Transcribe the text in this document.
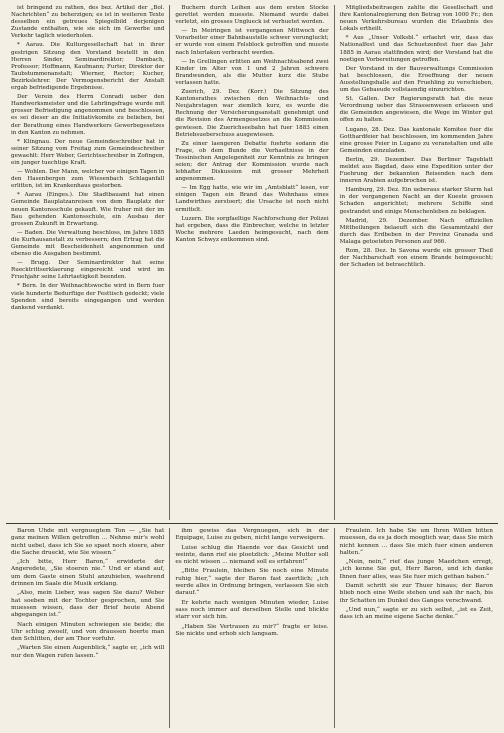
ist bringend zu rathen, des bez. Artikel der „Bol. Nachrichten“ zu beherzigen; es ist in weiteren Texte desselben ein getreues Spiegelbild derjenigen Zustande enthalten, wie sie sich im Gewerbe und Verkehr taglich wiederholen.

* Aarau. Die Kulturgesellschaft hat in ihrer gestrigen Sitzung den Vorstand bestellt in den Herren Sinder, Seminardirektor; Dambach, Professor; Hoffmann, Kaufmann; Furter, Direktor der Taubstummenanstalt; Wierner, Rector; Kucher, Bezirkslehrer. Der Vermogensbericht der Anstalt ergab befriedigende Ergebnisse.

Der Verein des Herrn Conradi ueber den Handwerksmeister und die Lehrlingsfrage wurde mit grosser Befriedigung angenommen und beschlossen, es sei dieser an die Initiativkomite zu belieben, bei der Berathung eines Handwerkers Gewerbegesetzes in den Kanton zu nehmen.

* Klingnau. Der neue Gemeindeschreiber hat in seiner Sitzung vom Freitag zum Gemeindeschreiber gewaehlt: Herr Weber, Gerichtsschreiber in Zofingen, ein junger tuechtige Kraft.

— Wohlen. Der Mann, welcher vor einigen Tagen in den Hasenbergen zum Wiesenbach Schlaganfall erlitten, ist im Krankenhaus gestorben.

* Aarau (Einges.). Die Stadtbauamt hat einen Gemeinde Bauplatzanreisen von dem Bauplatz der neuen Kantonsschule gekauft. Wie fruher mit der im Bau gehenden Kantonsschule, ein Ausbau der grossen Zukunft in Erwartung.

— Baden. Die Verwaltung beschloss, im Jahre 1885 die Kurhausanstalt zu verbessern; den Ertrag hat die Gemeinde mit Bescheidenheit angenommen und ebenso die Ausgaben bestimmt.

— Brugg. Der Seminardirektor hat seine Ruecktrittserklaerung eingereicht und wird im Fruehjahr seine Lehrtaetigkeit beenden.

* Bern. In der Weihnachtswoche wird in Bern fuer viele hunderte Bedurftige der Festtisch gedeckt; viele Spenden sind bereits eingegangen und werden dankend verdankt.

Buchern durch Leihen aus dem ersten Stocke gerettet werden muesste. Niemand wurde dabei verletzt, ein grosses Unglueck ist verhuetet worden.

— In Meiringen ist vergangenen Mittwoch der Vorarbeiter einer Bahnbaustelle schwer verungluckt; er wurde von einem Felsblock getroffen und musste nach Interlaken verbracht werden.

— In Grellingen erlitten am Weihnachtsabend zwei Kinder im Alter von 1 und 2 Jahren schwere Brandwunden, als die Mutter kurz die Stube verlassen hatte.

Zuerich, 29. Dez. (Korr.) Die Sitzung des Kantonsrathes zwischen den Weihnachts- und Neujahrstagen war ziemlich kurz, es wurde die Rechnung der Versicherungsanstalt genehmigt und die Revision des Armengesetzes an die Kommission gewiesen. Die Zuerichseebahn hat fuer 1883 einen Betriebsueberschuss ausgewiesen.

Zu einer laengeren Debatte fuehrte sodann die Frage, ob dem Bunde die Verhaeltnisse in der Tessinischen Angelegenheit zur Kenntnis zu bringen seien; der Antrag der Kommission wurde nach lebhafter Diskussion mit grosser Mehrheit angenommen.

— Im Egg hatte, wie wir im „Amtsblatt“ lesen, vor einigen Tagen ein Brand das Wohnhaus eines Landwirthes zerstoert; die Ursache ist noch nicht ermittelt.

Luzern. Die sorgfaeltige Nachforschung der Polizei hat ergeben, dass die Einbrecher, welche in letzter Woche mehrere Laeden heimgesucht, nach dem Kanton Schwyz entkommen sind.

Mitgliedsbeitraegen zahlte die Gesellschaft und ihre Kantonalregierung den Betrag von 1000 Fr.; den neuen Verkehrsbureau wurden die Erlaubnis des Lokals ertheilt.

* Aus „Unser Volksbl.“ erfaehrt wir, dass das Nationalfest und das Schuetzenfest fuer das Jahr 1885 in Aarau stattfinden wird; der Vorstand hat die noetigen Vorbereitungen getroffen.

Der Vorstand in der Bauverwaltungs Commission hat beschlossen, die Eroeffnung der neuen Ausstellungshalle auf den Fruehling zu verschieben, um das Gebaeude vollstaendig einzurichten.

St. Gallen. Der Regierungsrath hat die neue Verordnung ueber das Strassenwesen erlassen und die Gemeinden angewiesen, die Wege im Winter gut offen zu halten.

Lugano, 28. Dez. Das kantonale Komitee fuer die Gotthardfeier hat beschlossen, im kommenden Jahre eine grosse Feier in Lugano zu veranstalten und alle Gemeinden einzuladen.

Berlin, 29. Dezember. Das Berliner Tageblatt meldet aus Bagdad, dass eine Expedition unter der Fuehrung der bekannten Reisenden nach dem inneren Arabien aufgebrochen ist.

Hamburg, 29. Dez. Ein ueberaus starker Sturm hat in der vergangenen Nacht an der Kueste grossen Schaden angerichtet; mehrere Schiffe sind gestrandet und einige Menschenleben zu beklagen.

Madrid, 29. Dezember. Nach offiziellen Mittheilungen belaeuft sich die Gesammtzahl der durch das Erdbeben in der Provinz Granada und Malaga getoeteten Personen auf 966.

Rom, 28. Dez. In Savona wurde ein grosser Theil der Nachbarschaft von einem Brande heimgesucht; der Schaden ist betraechtlich.

Baron Uhde mit vergnuegtem Ton — „Sie hat ganz meinen Willen getroffen ... Nehme mir's wohl nicht uebel, dass ich Sie so spaet noch stoere, aber die Sache drueckt, wie Sie wissen.“

„Ich bitte, Herr Baron,“ erwiderte der Angeredete, „Sie stoeren nie.“ Und er stand auf, um dem Gaste einen Stuhl anzubieten, waehrend drinnen im Saale die Musik erklang.

„Also, mein Lieber, was sagen Sie dazu? Weber hat soeben mit der Tochter gesprochen, und Sie muessen wissen, dass der Brief heute Abend abgegangen ist.“

Nach einigen Minuten schwiegen sie beide; die Uhr schlug zwoelf, und von draussen hoerte man den Schlitten, der am Thor vorfuhr.

„Warten Sie einen Augenblick,“ sagte er, „ich will nur den Wagen rufen lassen.“

ihm gewiss das Vergnuegen, sich in der Equipage, Luise zu geben, nicht lange verweigern.

Luise schlug die Haende vor das Gesicht und weinte, dann rief sie ploetzlich: „Meine Mutter soll es nicht wissen ... niemand soll es erfahren!“

„Bitte Fraulein, bleiben Sie noch eine Minute ruhig hier,“ sagte der Baron fast zaertlich; „ich werde alles in Ordnung bringen, verlassen Sie sich darauf.“

Er kehrte nach wenigen Minuten wieder, Luise sass noch immer auf derselben Stelle und blickte starr vor sich hin.

„Haben Sie Vertrauen zu mir?“ fragte er leise. Sie nickte und erhob sich langsam.

Fraulein. Ich habe Sie um Ihren Willen bitten muessen, da es ja doch moeglich war, dass Sie mich nicht kennen ... dass Sie mich fuer einen anderen halten.“

„Nein, nein,“ rief das junge Maedchen erregt, „ich kenne Sie gut, Herr Baron, und ich danke Ihnen fuer alles, was Sie fuer mich gethan haben.“

Damit schritt sie zur Thuer hinaus; der Baron blieb noch eine Weile stehen und sah ihr nach, bis ihr Schatten im Dunkel des Ganges verschwand.

„Und nun,“ sagte er zu sich selbst, „ist es Zeit, dass ich an meine eigene Sache denke.“
